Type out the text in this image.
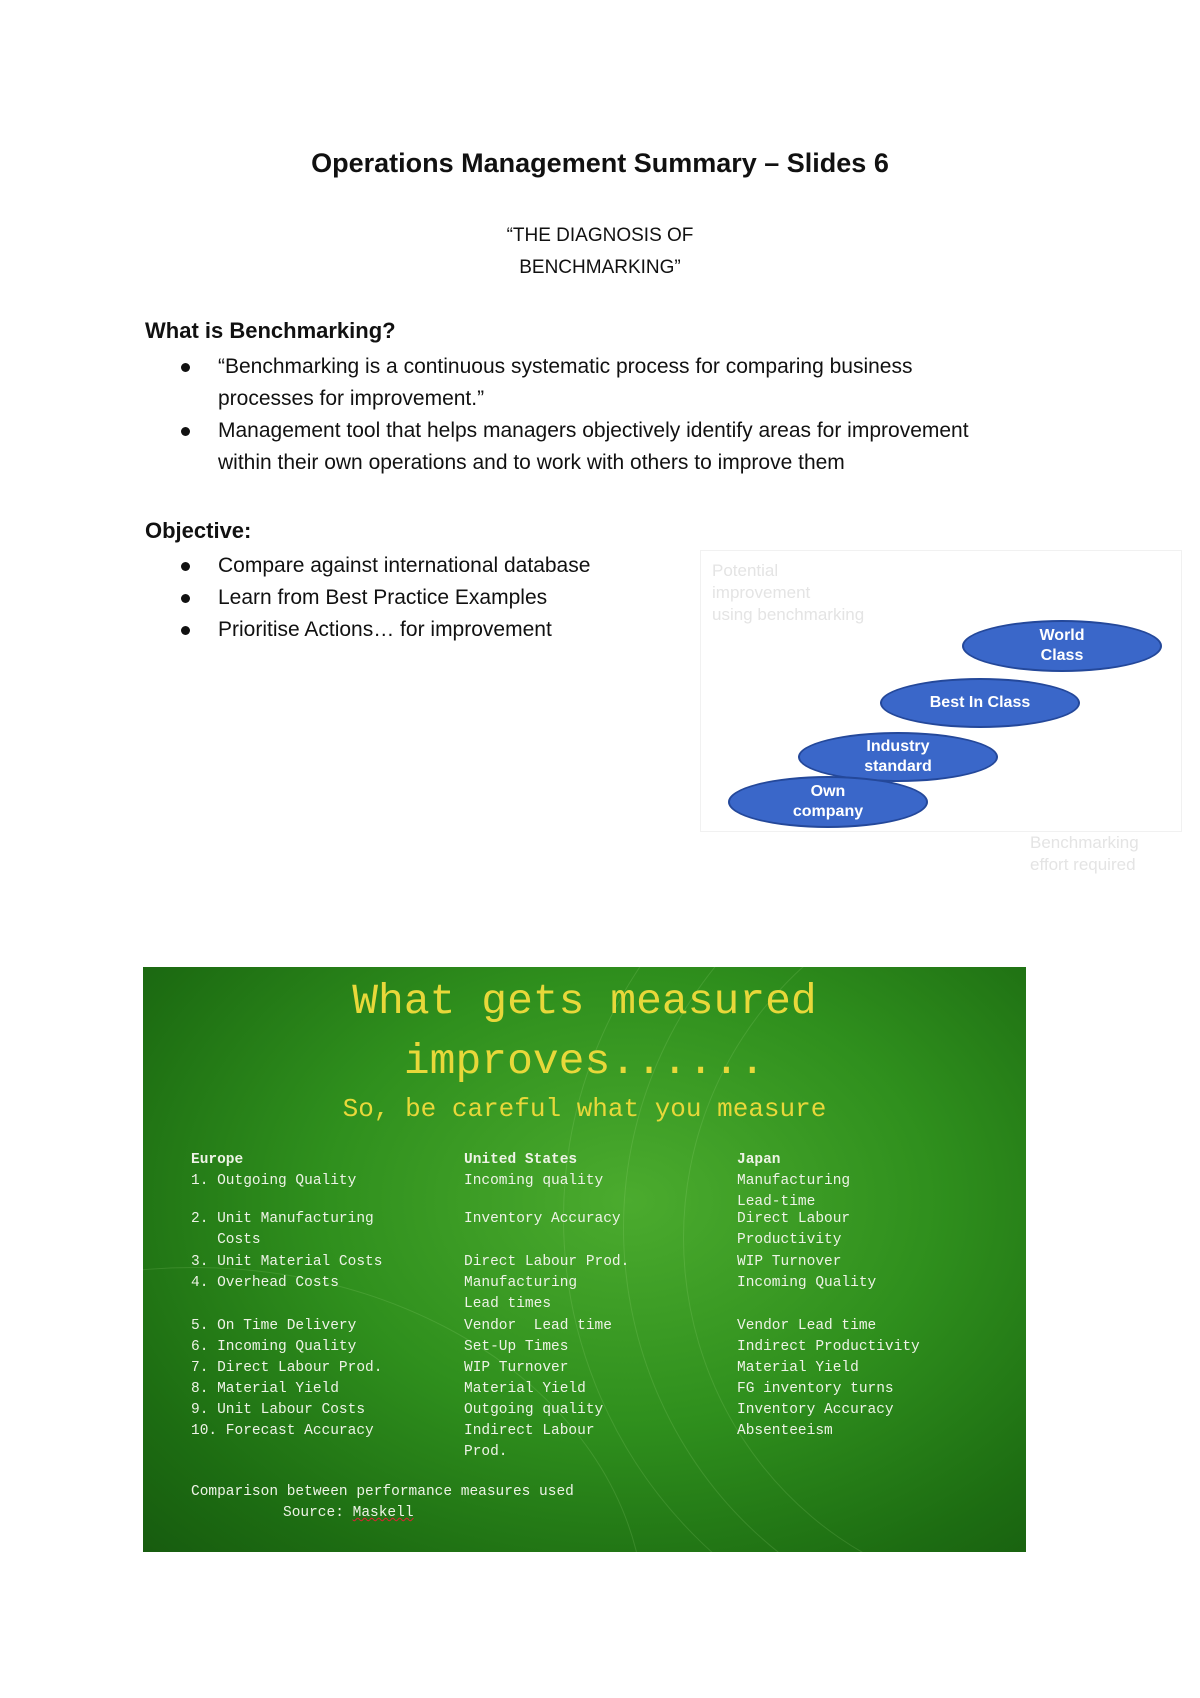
Operations Management Summary – Slides 6
“THE DIAGNOSIS OF
BENCHMARKING”
What is Benchmarking?
“Benchmarking is a continuous systematic process for comparing business
processes for improvement.”
Management tool that helps managers objectively identify areas for improvement
within their own operations and to work with others to improve them
Objective:
Compare against international database
Learn from Best Practice Examples
Prioritise Actions… for improvement
Potential
improvement
using benchmarking
Benchmarking
effort required
World
Class
Best In Class
Industry
standard
Own
company
What gets measured
improves......
So, be careful what you measure
Europe
1. Outgoing Quality
2. Unit Manufacturing
Costs
3. Unit Material Costs
4. Overhead Costs
5. On Time Delivery
6. Incoming Quality
7. Direct Labour Prod.
8. Material Yield
9. Unit Labour Costs
10. Forecast Accuracy
United States
Incoming quality
Inventory Accuracy
Direct Labour Prod.
Manufacturing
Lead times
Vendor  Lead time
Set-Up Times
WIP Turnover
Material Yield
Outgoing quality
Indirect Labour
Prod.
Japan
Manufacturing
Lead-time
Direct Labour
Productivity
WIP Turnover
Incoming Quality
Vendor Lead time
Indirect Productivity
Material Yield
FG inventory turns
Inventory Accuracy
Absenteeism
Comparison between performance measures used
Source: Maskell
